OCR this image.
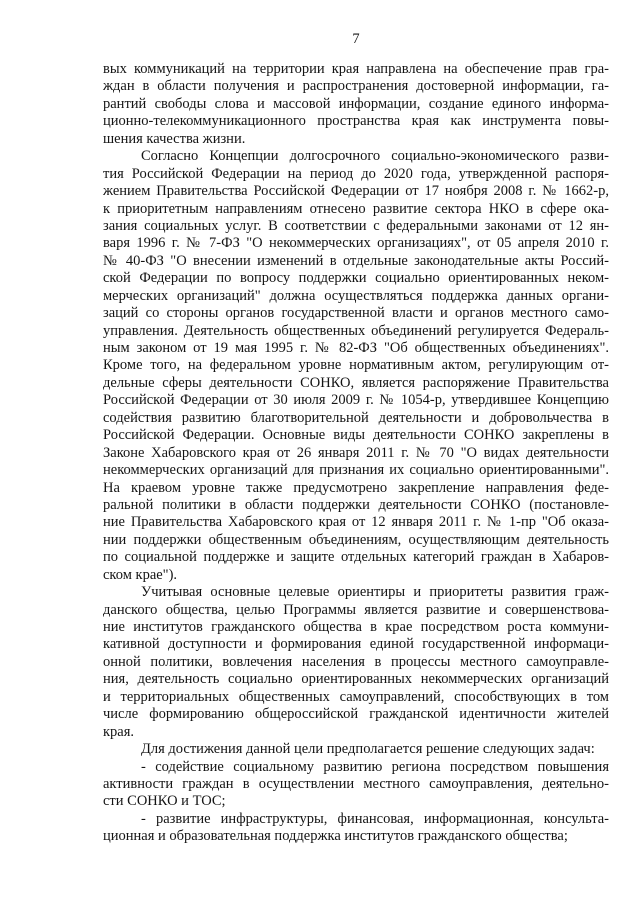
7
вых коммуникаций на территории края направлена на обеспечение прав гра-
ждан в области получения и распространения достоверной информации, га-
рантий свободы слова и массовой информации, создание единого информа-
ционно-телекоммуникационного пространства края как инструмента повы-
шения качества жизни.
Согласно Концепции долгосрочного социально-экономического разви-
тия Российской Федерации на период до 2020 года, утвержденной распоря-
жением Правительства Российской Федерации от 17 ноября 2008 г. № 1662-р,
к приоритетным направлениям отнесено развитие сектора НКО в сфере ока-
зания социальных услуг. В соответствии с федеральными законами от 12 ян-
варя 1996 г. № 7-ФЗ "О некоммерческих организациях", от 05 апреля 2010 г.
№ 40-ФЗ "О внесении изменений в отдельные законодательные акты Россий-
ской Федерации по вопросу поддержки социально ориентированных неком-
мерческих организаций" должна осуществляться поддержка данных органи-
заций со стороны органов государственной власти и органов местного само-
управления. Деятельность общественных объединений регулируется Федераль-
ным законом от 19 мая 1995 г. № 82-ФЗ "Об общественных объединениях".
Кроме того, на федеральном уровне нормативным актом, регулирующим от-
дельные сферы деятельности СОНКО, является распоряжение Правительства
Российской Федерации от 30 июля 2009 г. № 1054-р, утвердившее Концепцию
содействия развитию благотворительной деятельности и добровольчества в
Российской Федерации. Основные виды деятельности СОНКО закреплены в
Законе Хабаровского края от 26 января 2011 г. № 70 "О видах деятельности
некоммерческих организаций для признания их социально ориентированными".
На краевом уровне также предусмотрено закрепление направления феде-
ральной политики в области поддержки деятельности СОНКО (постановле-
ние Правительства Хабаровского края от 12 января 2011 г. № 1-пр "Об оказа-
нии поддержки общественным объединениям, осуществляющим деятельность
по социальной поддержке и защите отдельных категорий граждан в Хабаров-
ском крае").
Учитывая основные целевые ориентиры и приоритеты развития граж-
данского общества, целью Программы является развитие и совершенствова-
ние институтов гражданского общества в крае посредством роста коммуни-
кативной доступности и формирования единой государственной информаци-
онной политики, вовлечения населения в процессы местного самоуправле-
ния, деятельность социально ориентированных некоммерческих организаций
и территориальных общественных самоуправлений, способствующих в том
числе формированию общероссийской гражданской идентичности жителей
края.
Для достижения данной цели предполагается решение следующих задач:
- содействие социальному развитию региона посредством повышения
активности граждан в осуществлении местного самоуправления, деятельно-
сти СОНКО и ТОС;
- развитие инфраструктуры, финансовая, информационная, консульта-
ционная и образовательная поддержка институтов гражданского общества;
